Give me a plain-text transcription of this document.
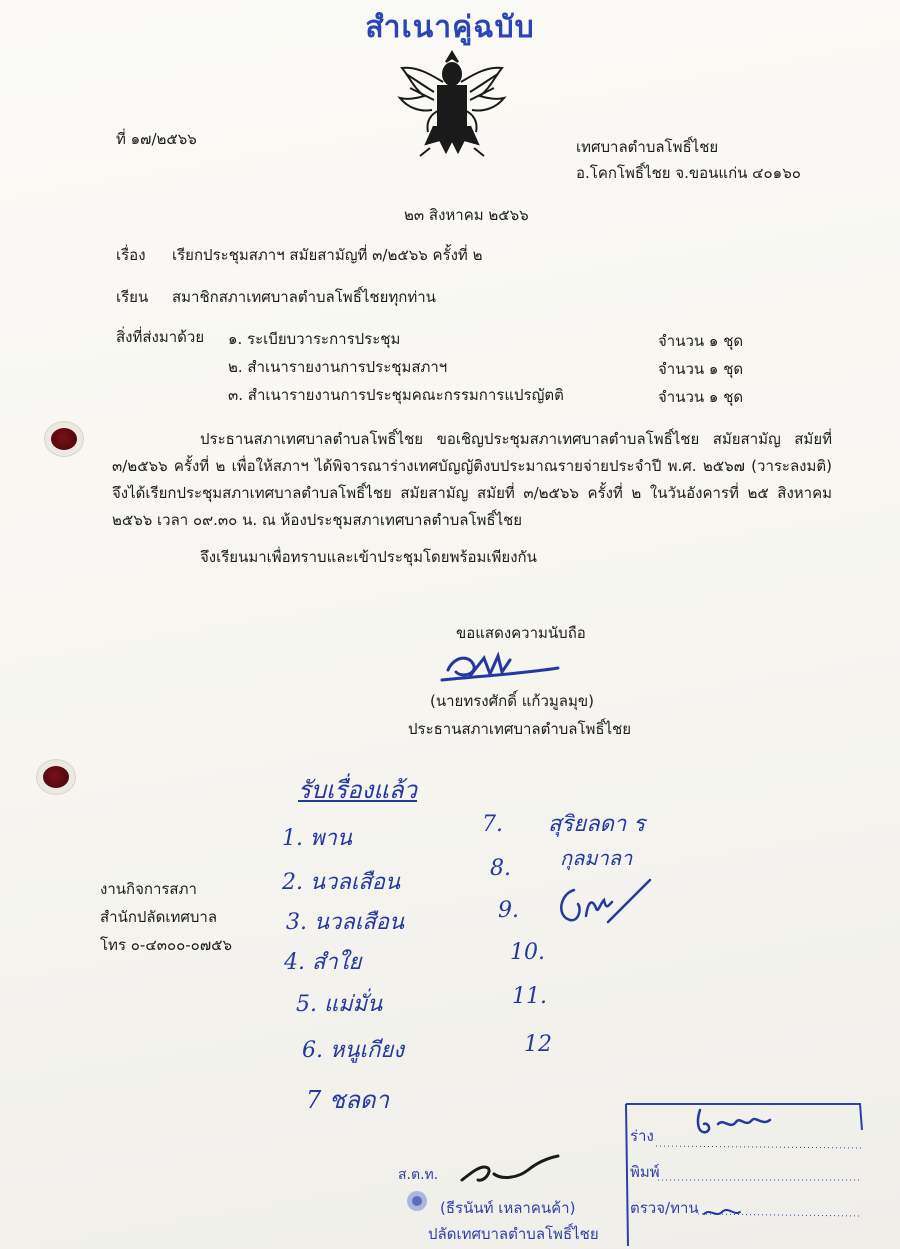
สำเนาคู่ฉบับ
ที่ ๑๗/๒๕๖๖	เทศบาลตำบลโพธิ์ไชย
อ.โคกโพธิ์ไชย จ.ขอนแก่น ๔๐๑๖๐
๒๓ สิงหาคม ๒๕๖๖
เรื่อง เรียกประชุมสภาฯ สมัยสามัญที่ ๓/๒๕๖๖ ครั้งที่ ๒
เรียน สมาชิกสภาเทศบาลตำบลโพธิ์ไชยทุกท่าน
สิ่งที่ส่งมาด้วย ๑. ระเบียบวาระการประชุม	จำนวน ๑ ชุด
๒. สำเนารายงานการประชุมสภาฯ	จำนวน ๑ ชุด
๓. สำเนารายงานการประชุมคณะกรรมการแปรญัตติ	จำนวน ๑ ชุด
ประธานสภาเทศบาลตำบลโพธิ์ไชย ขอเชิญประชุมสภาเทศบาลตำบลโพธิ์ไชย สมัยสามัญ สมัยที่ ๓/๒๕๖๖ ครั้งที่ ๒ เพื่อให้สภาฯ ได้พิจารณาร่างเทศบัญญัติงบประมาณรายจ่ายประจำปี พ.ศ. ๒๕๖๗ (วาระลงมติ) จึงได้เรียกประชุมสภาเทศบาลตำบลโพธิ์ไชย สมัยสามัญ สมัยที่ ๓/๒๕๖๖ ครั้งที่ ๒ ในวันอังคารที่ ๒๕ สิงหาคม ๒๕๖๖ เวลา ๐๙.๓๐ น. ณ ห้องประชุมสภาเทศบาลตำบลโพธิ์ไชย
จึงเรียนมาเพื่อทราบและเข้าประชุมโดยพร้อมเพียงกัน
ขอแสดงความนับถือ
(นายทรงศักดิ์ แก้วมูลมุข)
ประธานสภาเทศบาลตำบลโพธิ์ไชย
รับเรื่องแล้ว
1. พาน
2. นวลเสือน
3. นวลเสือน
4. สำใย
5. แม่มั่น
6. หนูเกียง
7 ชลดา
7.
8.
9.
10.
11.
12
สุริยลดา ร
กุลมาลา
งานกิจการสภา
สำนักปลัดเทศบาล
โทร ๐-๔๓๐๐-๐๗๕๖
ส.ต.ท.
(ธีรนันท์ เหลาคนค้า)
ปลัดเทศบาลตำบลโพธิ์ไชย
ร่าง
พิมพ์
ตรวจ/ทาน
